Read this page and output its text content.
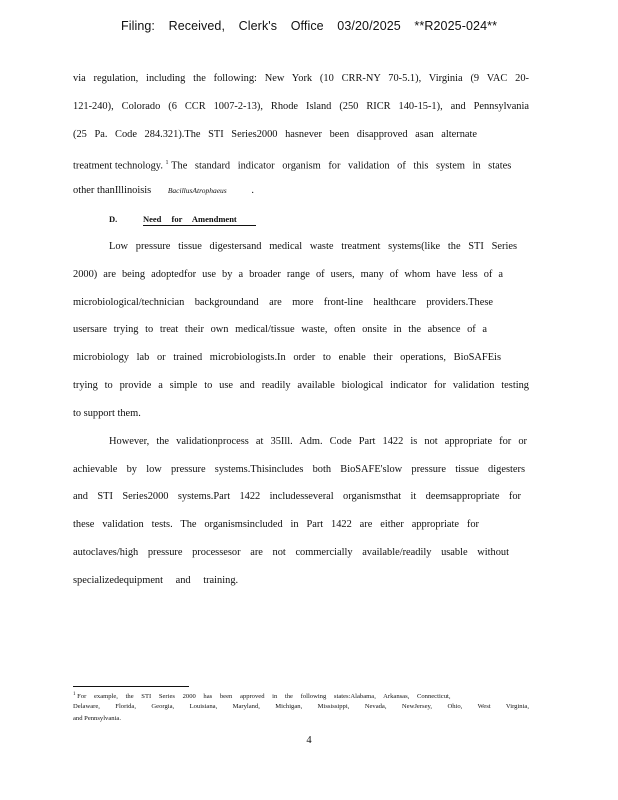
Filing: Received, Clerk's Office 03/20/2025 **R2025-024**
via regulation, including the following: New York (10 CRR-NY 70-5.1), Virginia (9 VAC 20-
121-240), Colorado (6 CCR 1007-2-13), Rhode Island (250 RICR 140-15-1), and Pennsylvania
(25 Pa. Code 284.321).The STI Series2000 hasnever been disapproved asan alternate
treatment technology. $^1$ The standard indicator organism for validation of this system in states
other thanIllinoisis BacillusAtrophaeus .
D.	Need for Amendment
Low pressure tissue digestersand medical waste treatment systems(like the STI Series
2000) are being adoptedfor use by a broader range of users, many of whom have less of a
microbiological/technician backgroundand are more front-line healthcare providers.These
usersare trying to treat their own medical/tissue waste, often onsite in the absence of a
microbiology lab or trained microbiologists.In order to enable their operations, BioSAFEis
trying to provide a simple to use and readily available biological indicator for validation testing
to support them.
However, the validationprocess at 35Ill. Adm. Code Part 1422 is not appropriate for or
achievable by low pressure systems.Thisincludes both BioSAFE'slow pressure tissue digesters
and STI Series2000 systems.Part 1422 includesseveral organismsthat it deemsappropriate for
these validation tests. The organismsincluded in Part 1422 are either appropriate for
autoclaves/high pressure processesor are not commercially available/readily usable without
specializedequipment and training.
$^1$ For example, the STI Series 2000 has been approved in the following states:Alabama, Arkansas, Connecticut,
Delaware, Florida, Georgia, Louisiana, Maryland, Michigan, Mississippi, Nevada, NewJersey, Ohio, West Virginia,
and Pennsylvania.
4
